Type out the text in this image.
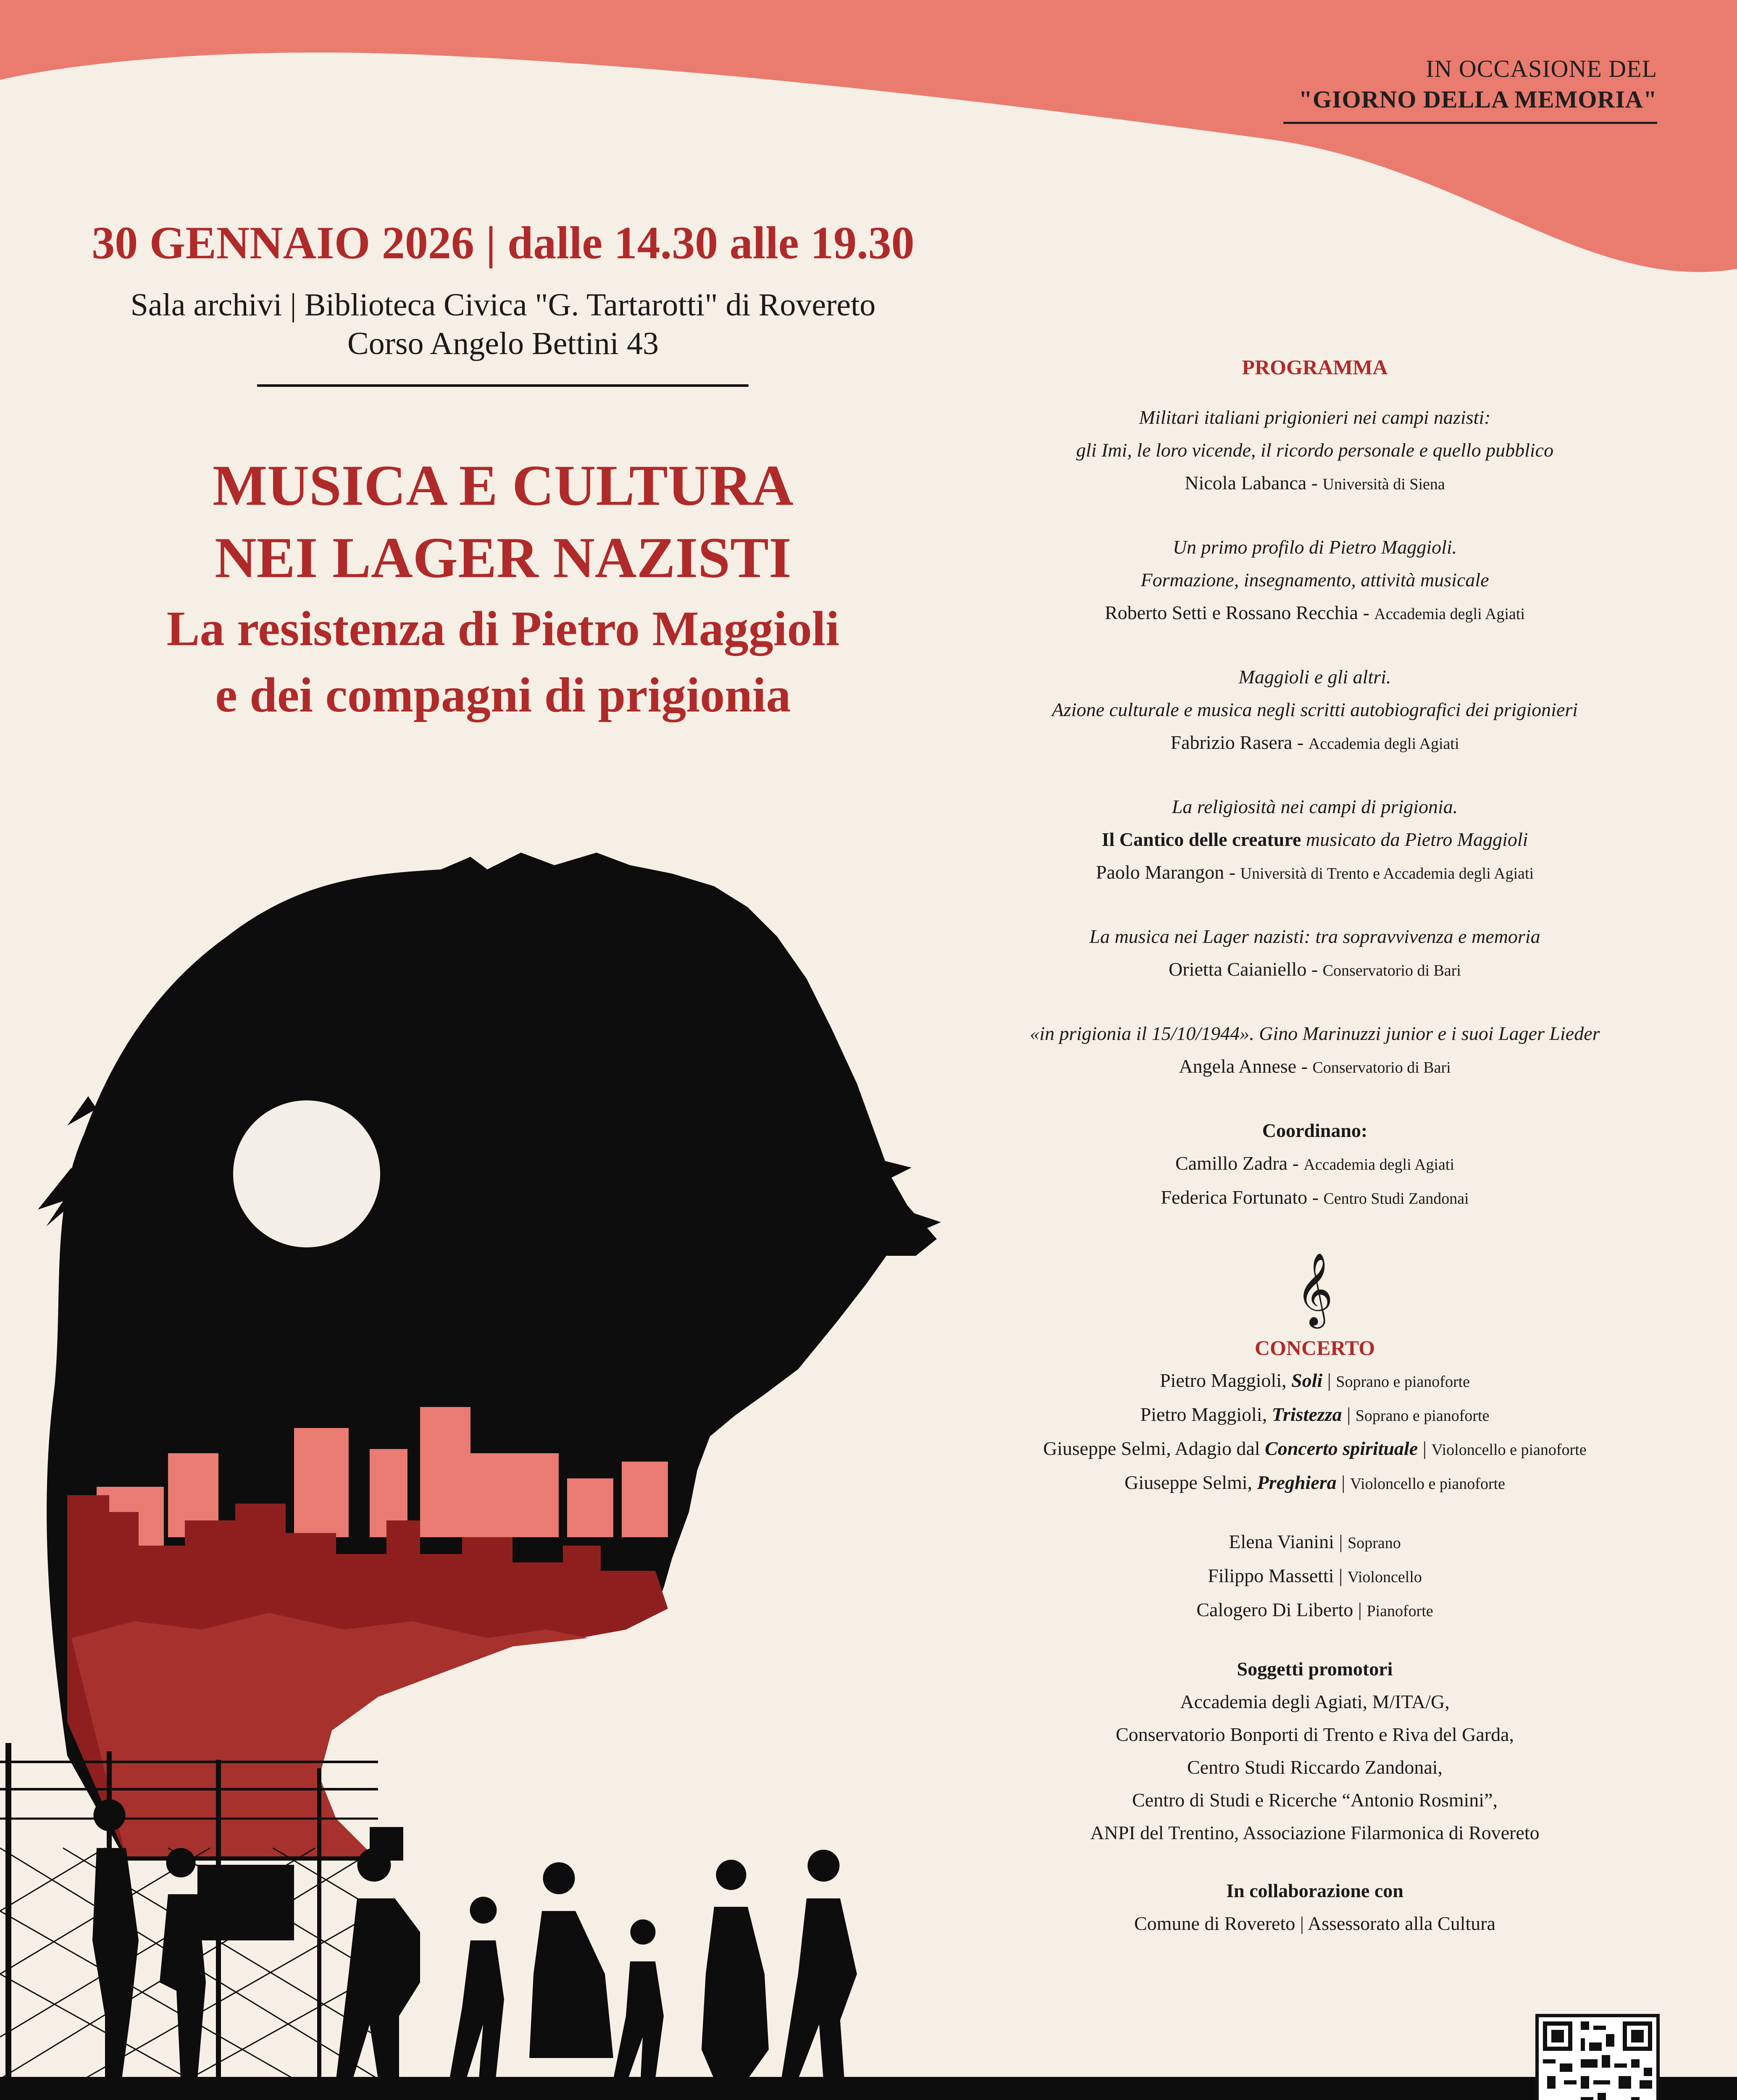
IN OCCASIONE DEL
"GIORNO DELLA MEMORIA"
30 GENNAIO 2026 | dalle 14.30 alle 19.30
Sala archivi | Biblioteca Civica "G. Tartarotti" di Rovereto
Corso Angelo Bettini 43
MUSICA E CULTURA
NEI LAGER NAZISTI
La resistenza di Pietro Maggioli
e dei compagni di prigionia
PROGRAMMA
Militari italiani prigionieri nei campi nazisti:
gli Imi, le loro vicende, il ricordo personale e quello pubblico
Nicola Labanca - Università di Siena
Un primo profilo di Pietro Maggioli.
Formazione, insegnamento, attività musicale
Roberto Setti e Rossano Recchia - Accademia degli Agiati
Maggioli e gli altri.
Azione culturale e musica negli scritti autobiografici dei prigionieri
Fabrizio Rasera - Accademia degli Agiati
La religiosità nei campi di prigionia.
Il Cantico delle creature musicato da Pietro Maggioli
Paolo Marangon - Università di Trento e Accademia degli Agiati
La musica nei Lager nazisti: tra sopravvivenza e memoria
Orietta Caianiello - Conservatorio di Bari
«in prigionia il 15/10/1944». Gino Marinuzzi junior e i suoi Lager Lieder
Angela Annese - Conservatorio di Bari
Coordinano:
Camillo Zadra - Accademia degli Agiati
Federica Fortunato - Centro Studi Zandonai
CONCERTO
Pietro Maggioli, Soli | Soprano e pianoforte
Pietro Maggioli, Tristezza | Soprano e pianoforte
Giuseppe Selmi, Adagio dal Concerto spirituale | Violoncello e pianoforte
Giuseppe Selmi, Preghiera | Violoncello e pianoforte
Elena Vianini | Soprano
Filippo Massetti | Violoncello
Calogero Di Liberto | Pianoforte
Soggetti promotori
Accademia degli Agiati, M/ITA/G,
Conservatorio Bonporti di Trento e Riva del Garda,
Centro Studi Riccardo Zandonai,
Centro di Studi e Ricerche “Antonio Rosmini”,
ANPI del Trentino, Associazione Filarmonica di Rovereto
In collaborazione con
Comune di Rovereto | Assessorato alla Cultura
𝄞
